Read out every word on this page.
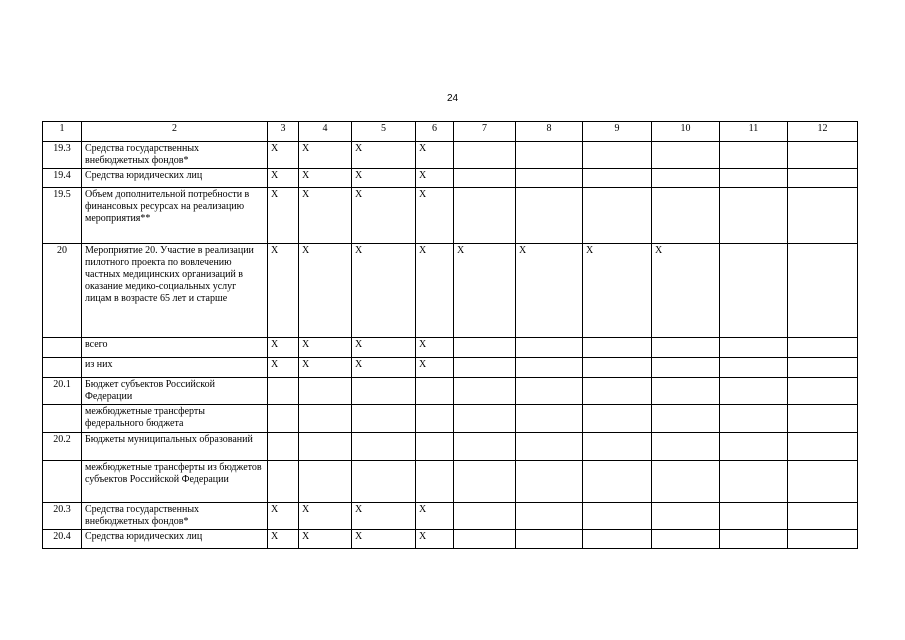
24
1	2	3	4	5	6	7	8	9	10	11	12
19.3	Средства государственных внебюджетных фондов*	X	X	X	X						
19.4	Средства юридических лиц	X	X	X	X						
19.5	Объем дополнительной потребности в финансовых ресурсах на реализацию мероприятия**	X	X	X	X						
20	Мероприятие 20. Участие в реализации пилотного проекта по вовлечению частных медицинских организаций в оказание медико-социальных услуг лицам в возрасте 65 лет и старше	X	X	X	X	X	X	X	X		
	всего	X	X	X	X						
	из них	X	X	X	X						
20.1	Бюджет субъектов Российской Федерации										
	межбюджетные трансферты федерального бюджета										
20.2	Бюджеты муниципальных образований										
	межбюджетные трансферты из бюджетов субъектов Российской Федерации										
20.3	Средства государственных внебюджетных фондов*	X	X	X	X						
20.4	Средства юридических лиц	X	X	X	X						
